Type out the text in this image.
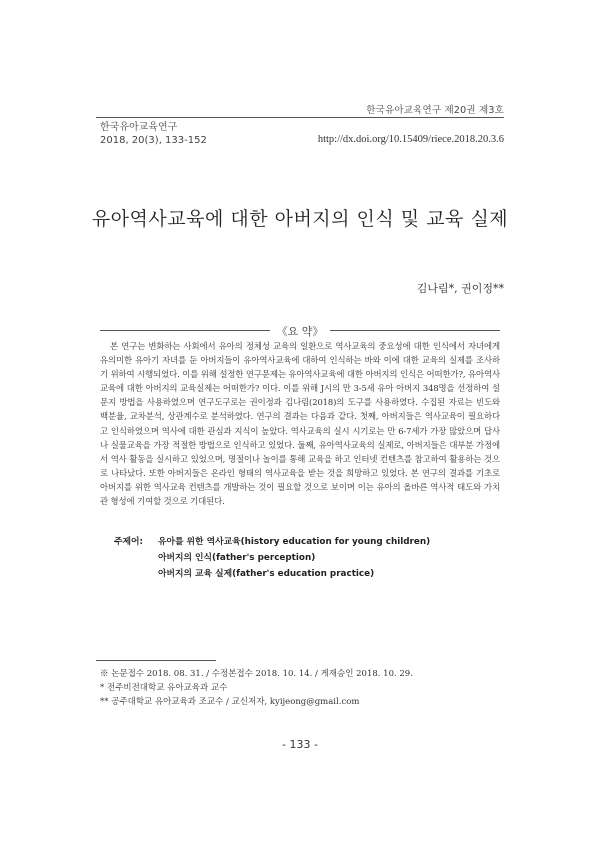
한국유아교육연구 제20권 제3호
한국유아교육연구
2018, 20(3), 133-152	http://dx.doi.org/10.15409/riece.2018.20.3.6
유아역사교육에 대한 아버지의 인식 및 교육 실제
김나림*, 권이정**
《요 약》
본 연구는 변화하는 사회에서 유아의 정체성 교육의 일환으로 역사교육의 중요성에 대한 인식에서 자녀에게 유의미한 유아기 자녀를 둔 아버지들이 유아역사교육에 대하여 인식하는 바와 이에 대한 교육의 실제를 조사하기 위하여 시행되었다. 이를 위해 설정한 연구문제는 유아역사교육에 대한 아버지의 인식은 어떠한가?, 유아역사교육에 대한 아버지의 교육실제는 어떠한가? 이다. 이를 위해 J시의 만 3-5세 유아 아버지 348명을 선정하여 설문지 방법을 사용하였으며 연구도구로는 권이정과 김나림(2018)의 도구를 사용하였다. 수집된 자료는 빈도와 백분율, 교차분석, 상관계수로 분석하였다. 연구의 결과는 다음과 같다. 첫째, 아버지들은 역사교육이 필요하다고 인식하였으며 역사에 대한 관심과 지식이 높았다. 역사교육의 실시 시기로는 만 6-7세가 가장 많았으며 답사나 실물교육을 가장 적절한 방법으로 인식하고 있었다. 둘째, 유아역사교육의 실제로, 아버지들은 대부분 가정에서 역사 활동을 실시하고 있었으며, 명절이나 놀이를 통해 교육을 하고 인터넷 컨텐츠를 참고하여 활용하는 것으로 나타났다. 또한 아버지들은 온라인 형태의 역사교육을 받는 것을 희망하고 있었다. 본 연구의 결과를 기초로 아버지를 위한 역사교육 컨텐츠를 개발하는 것이 필요할 것으로 보이며 이는 유아의 올바른 역사적 태도와 가치관 형성에 기여할 것으로 기대된다.
주제어:	유아를 위한 역사교육(history education for young children)
아버지의 인식(father's perception)
아버지의 교육 실제(father's education practice)
※ 논문접수 2018. 08. 31. / 수정본접수 2018. 10. 14. / 게재승인 2018. 10. 29.
* 전주비전대학교 유아교육과 교수
** 공주대학교 유아교육과 조교수 / 교신저자, kyijeong@gmail.com
- 133 -
